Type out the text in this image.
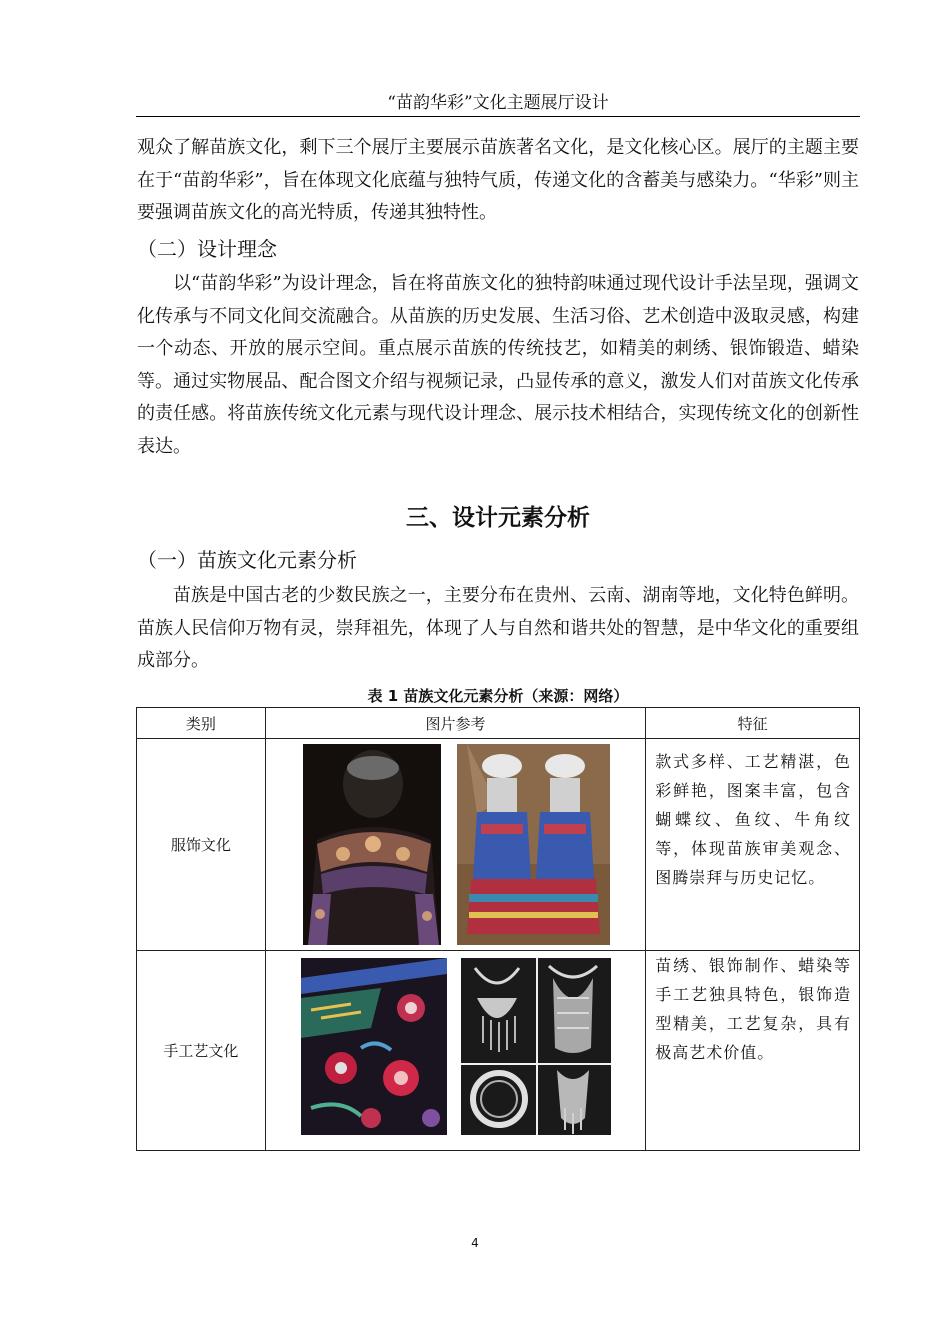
“苗韵华彩”文化主题展厅设计

观众了解苗族文化，剩下三个展厅主要展示苗族著名文化，是文化核心区。展厅的主题主要在于“苗韵华彩”，旨在体现文化底蕴与独特气质，传递文化的含蓄美与感染力。“华彩”则主要强调苗族文化的高光特质，传递其独特性。

（二）设计理念

以“苗韵华彩”为设计理念，旨在将苗族文化的独特韵味通过现代设计手法呈现，强调文化传承与不同文化间交流融合。从苗族的历史发展、生活习俗、艺术创造中汲取灵感，构建一个动态、开放的展示空间。重点展示苗族的传统技艺，如精美的刺绣、银饰锻造、蜡染等。通过实物展品、配合图文介绍与视频记录，凸显传承的意义，激发人们对苗族文化传承的责任感。将苗族传统文化元素与现代设计理念、展示技术相结合，实现传统文化的创新性表达。

三、设计元素分析
（一）苗族文化元素分析

苗族是中国古老的少数民族之一，主要分布在贵州、云南、湖南等地，文化特色鲜明。苗族人民信仰万物有灵，崇拜祖先，体现了人与自然和谐共处的智慧，是中华文化的重要组成部分。

表 1 苗族文化元素分析（来源：网络）
类别	图片参考	特征
服饰文化		款式多样、工艺精湛，色彩鲜艳，图案丰富，包含蝴蝶纹、鱼纹、牛角纹等，体现苗族审美观念、图腾崇拜与历史记忆。
手工艺文化		苗绣、银饰制作、蜡染等手工艺独具特色，银饰造型精美，工艺复杂，具有极高艺术价值。
4
